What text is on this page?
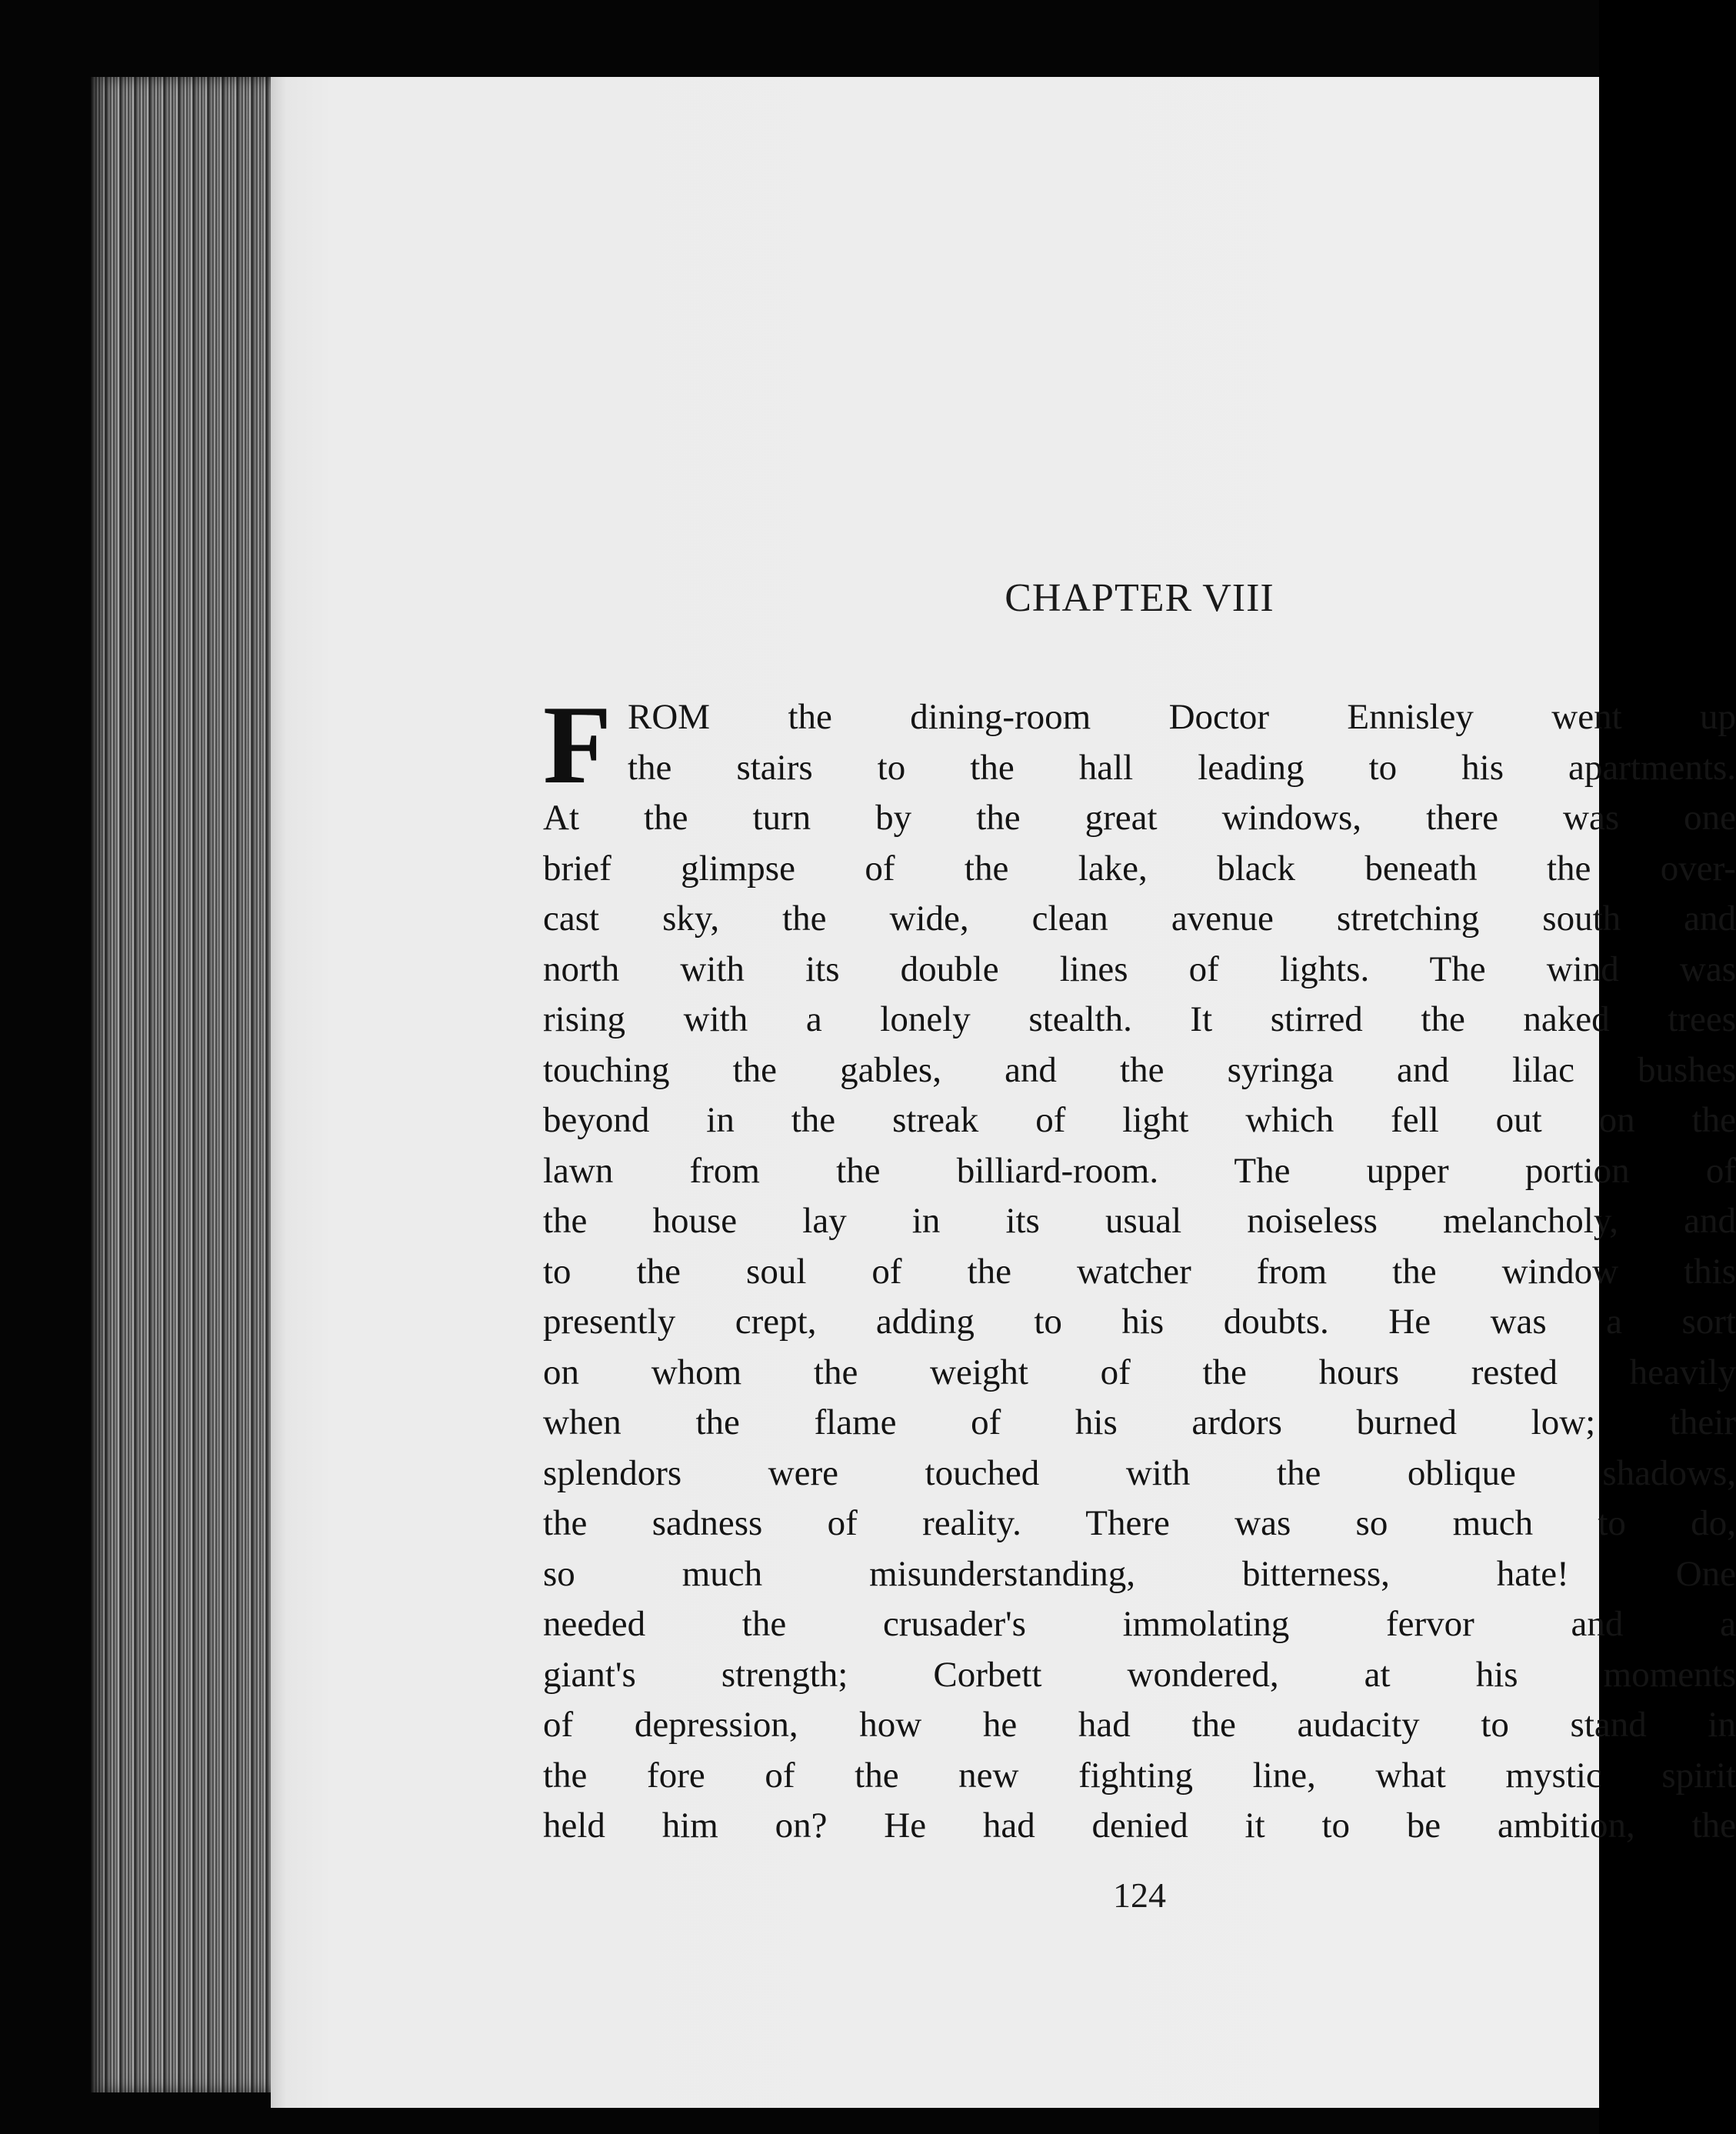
CHAPTER VIII
F ROM the dining-room Doctor Ennisley went up
the stairs to the hall leading to his apartments.
At the turn by the great windows, there was one
brief glimpse of the lake, black beneath the over-
cast sky, the wide, clean avenue stretching south and
north with its double lines of lights. The wind was
rising with a lonely stealth. It stirred the naked trees
touching the gables, and the syringa and lilac bushes
beyond in the streak of light which fell out on the
lawn from the billiard-room. The upper portion of
the house lay in its usual noiseless melancholy, and
to the soul of the watcher from the window this
presently crept, adding to his doubts. He was a sort
on whom the weight of the hours rested heavily
when the flame of his ardors burned low; their
splendors were touched with the oblique shadows,
the sadness of reality. There was so much to do,
so much misunderstanding, bitterness, hate! One
needed the crusader's immolating fervor and a
giant's strength; Corbett wondered, at his moments
of depression, how he had the audacity to stand in
the fore of the new fighting line, what mystic spirit
held him on? He had denied it to be ambition, the
124
